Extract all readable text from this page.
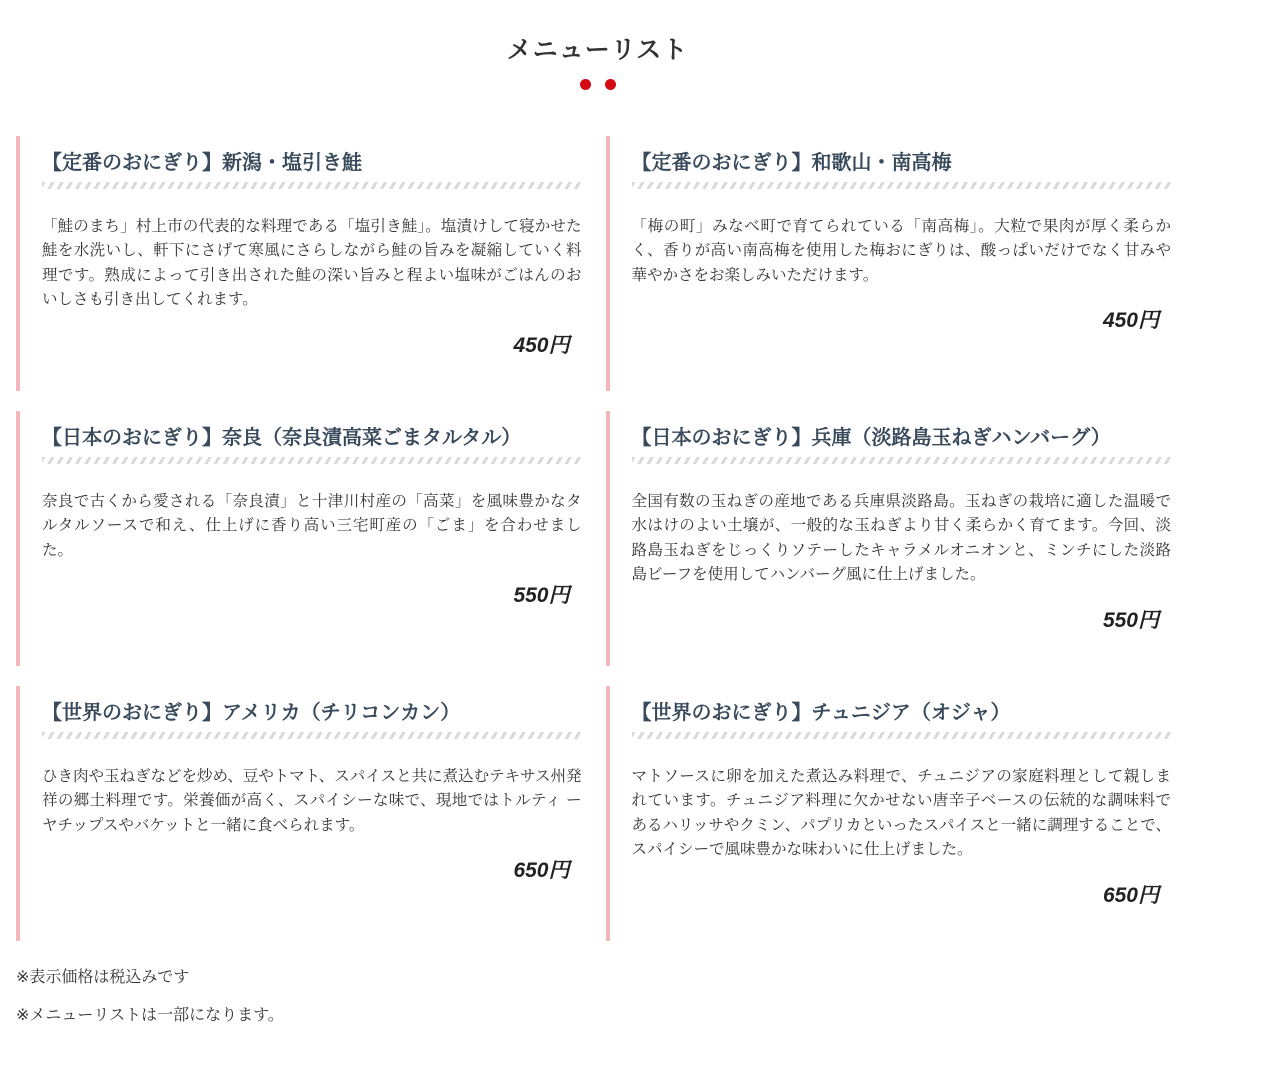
メニューリスト
【定番のおにぎり】新潟・塩引き鮭

「鮭のまち」村上市の代表的な料理である「塩引き鮭」。塩漬けして寝かせた鮭を水洗いし、軒下にさげて寒風にさらしながら鮭の旨みを凝縮していく料理です。熟成によって引き出された鮭の深い旨みと程よい塩味がごはんのおいしさも引き出してくれます。

450円
【定番のおにぎり】和歌山・南高梅

「梅の町」みなべ町で育てられている「南高梅」。大粒で果肉が厚く柔らかく、香りが高い南高梅を使用した梅おにぎりは、酸っぱいだけでなく甘みや華やかさをお楽しみいただけます。

450円
【日本のおにぎり】奈良（奈良漬高菜ごまタルタル）

奈良で古くから愛される「奈良漬」と十津川村産の「高菜」を風味豊かなタルタルソースで和え、仕上げに香り高い三宅町産の「ごま」を合わせました。

550円
【日本のおにぎり】兵庫（淡路島玉ねぎハンバーグ）

全国有数の玉ねぎの産地である兵庫県淡路島。玉ねぎの栽培に適した温暖で水はけのよい土壌が、一般的な玉ねぎより甘く柔らかく育てます。今回、淡路島玉ねぎをじっくりソテーしたキャラメルオニオンと、ミンチにした淡路島ビーフを使用してハンバーグ風に仕上げました。

550円
【世界のおにぎり】アメリカ（チリコンカン）

ひき肉や玉ねぎなどを炒め、豆やトマト、スパイスと共に煮込むテキサス州発祥の郷土料理です。栄養価が高く、スパイシーな味で、現地ではトルティ ーヤチップスやバケットと一緒に食べられます。

650円
【世界のおにぎり】チュニジア（オジャ）

マトソースに卵を加えた煮込み料理で、チュニジアの家庭料理として親しまれています。チュニジア料理に欠かせない唐辛子ベースの伝統的な調味料であるハリッサやクミン、パプリカといったスパイスと一緒に調理することで、スパイシーで風味豊かな味わいに仕上げました。

650円

※表示価格は税込みです

※メニューリストは一部になります。
